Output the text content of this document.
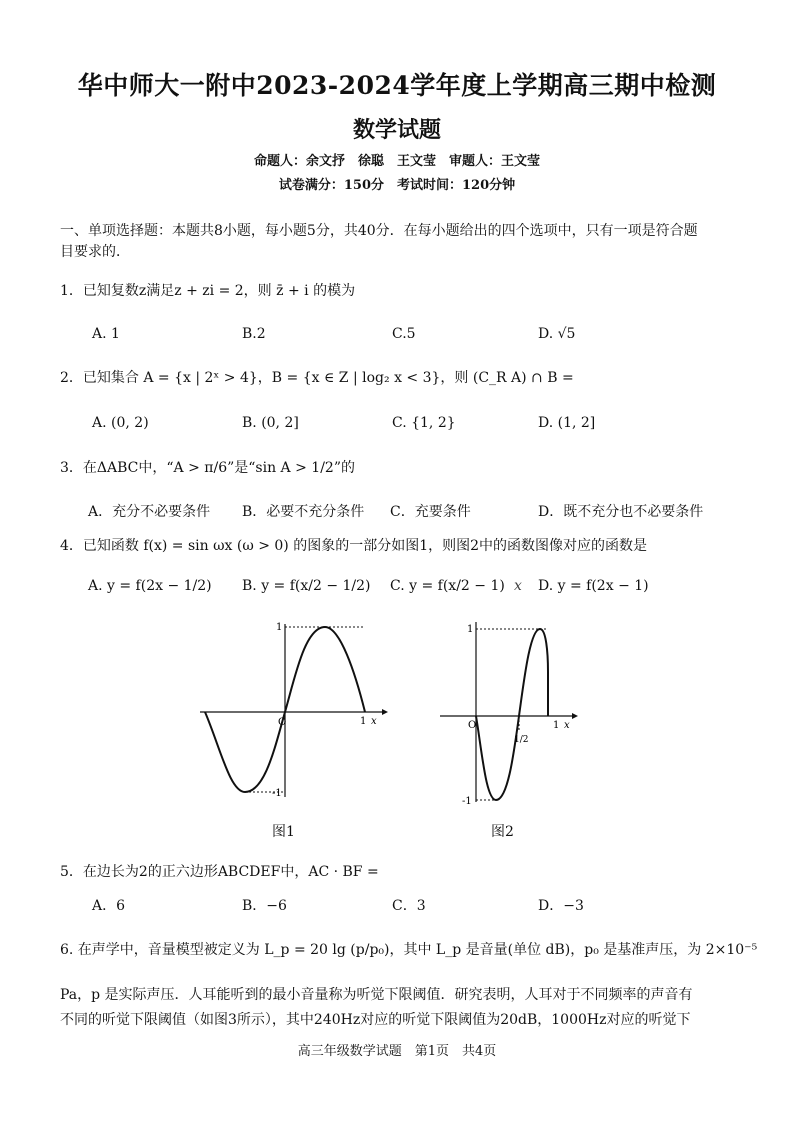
华中师大一附中2023-2024学年度上学期高三期中检测
数学试题
命题人：余文抒　徐聪　王文莹　审题人：王文莹
试卷满分：150分　考试时间：120分钟
一、单项选择题：本题共8小题，每小题5分，共40分．在每小题给出的四个选项中，只有一项是符合题
目要求的．
1．已知复数z满足z + zi = 2，则 z̄ + i 的模为
A. 1	B.2	C.5	D. √5
2．已知集合 A = {x | 2ˣ > 4}，B = {x ∈ Z | log₂ x < 3}，则 (C_R A) ∩ B =
A. (0, 2)	B. (0, 2]	C. {1, 2}	D. (1, 2]
3．在ΔABC中，“A > π/6”是“sin A > 1/2”的
A．充分不必要条件 B．必要不充分条件 C．充要条件	D．既不充分也不必要条件
4．已知函数 f(x) = sin ωx (ω > 0) 的图象的一部分如图1，则图2中的函数图像对应的函数是
A. y = f(2x − 1/2) B. y = f(x/2 − 1/2) C. y = f(x/2 − 1) x D. y = f(2x − 1)
1
-1
O	1 x
图1
1
-1
O
1/2
1 x
图2
5．在边长为2的正六边形ABCDEF中，AC · BF =
A．6	B．−6	C．3	D．−3
6. 在声学中，音量模型被定义为 L_p = 20 lg (p/p₀)，其中 L_p 是音量(单位 dB)，p₀ 是基准声压，为 2×10⁻⁵
Pa，p 是实际声压．人耳能听到的最小音量称为听觉下限阈值．研究表明，人耳对于不同频率的声音有
不同的听觉下限阈值（如图3所示），其中240Hz对应的听觉下限阈值为20dB，1000Hz对应的听觉下
高三年级数学试题　第1页　共4页
